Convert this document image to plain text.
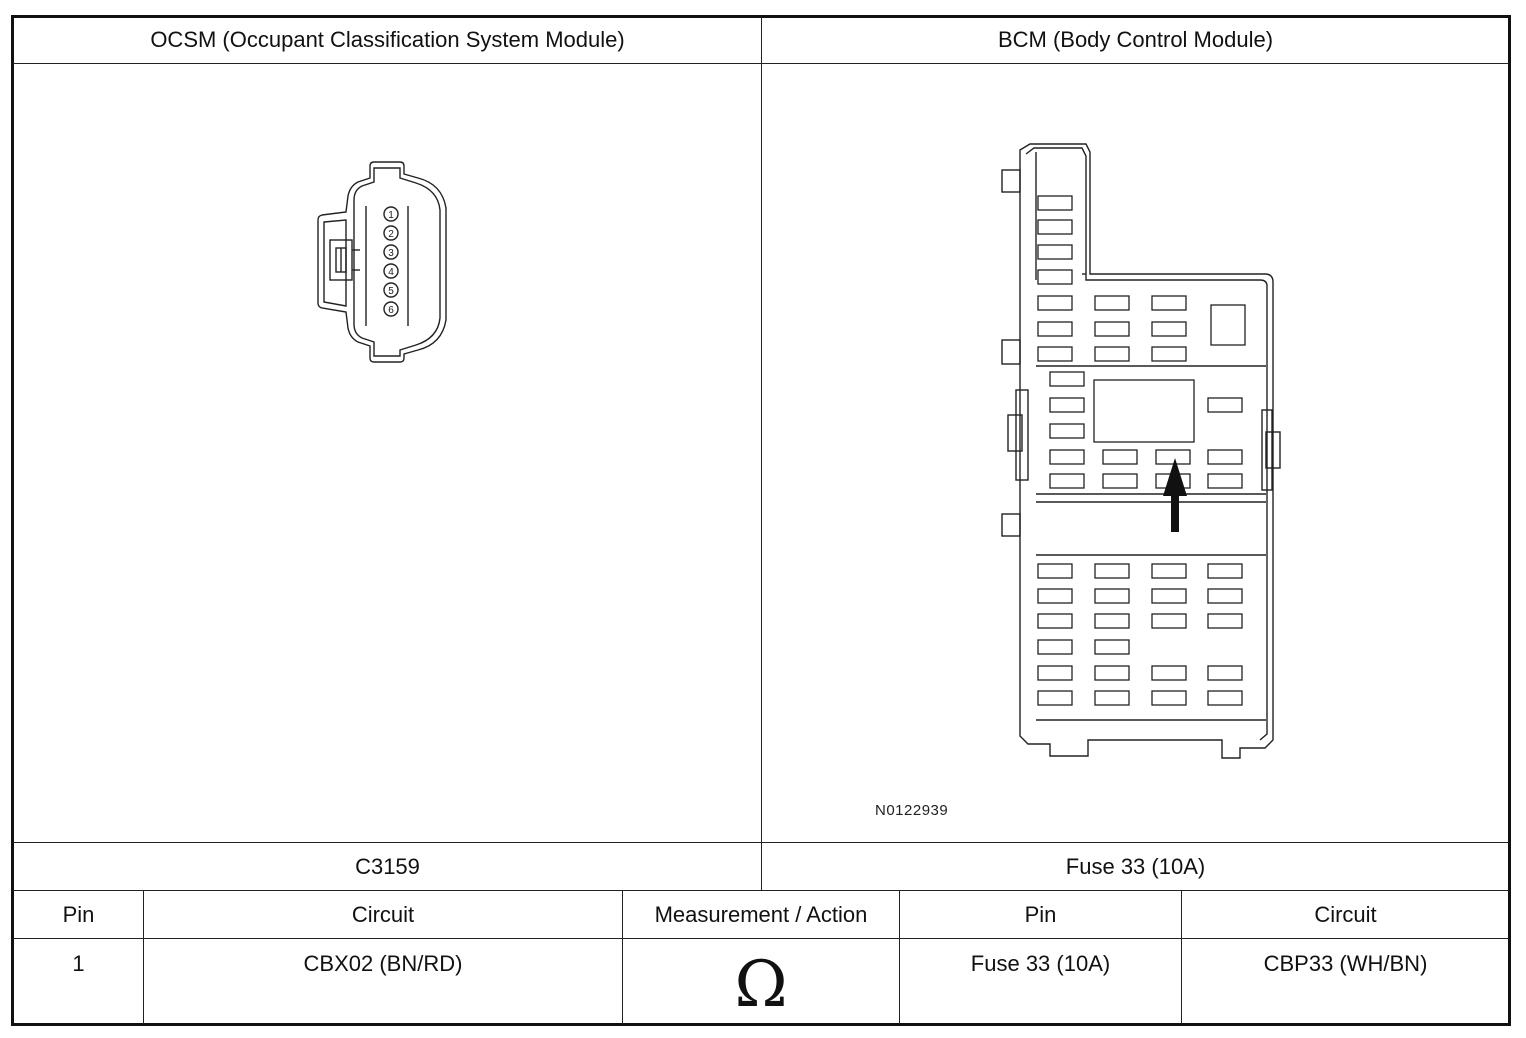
OCSM (Occupant Classification System Module)	BCM (Body Control Module)
1
2
3
4
5
6
N0122939
C3159	Fuse 33 (10A)
Pin	Circuit	Measurement / Action	Pin	Circuit
1	CBX02 (BN/RD)	Ω	Fuse 33 (10A)	CBP33 (WH/BN)
